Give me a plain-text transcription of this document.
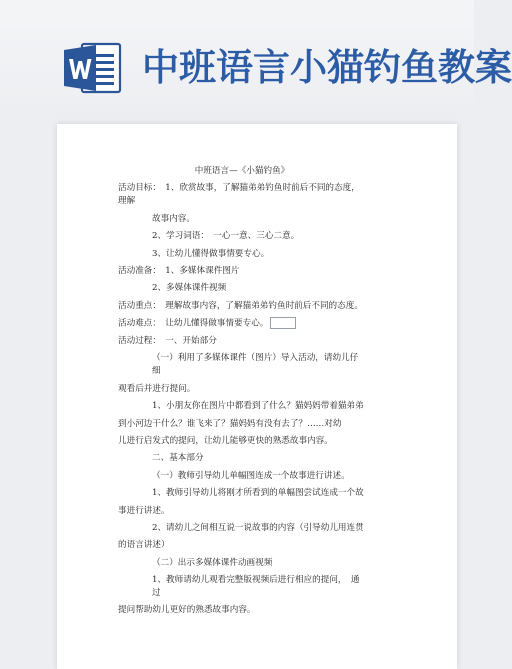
中班语言小猫钓鱼教案

中班语言—《小猫钓鱼》

活动目标：　1、欣赏故事，了解猫弟弟钓鱼时前后不同的态度，理解

故事内容。

2、学习词语：　一心一意、三心二意。

3、让幼儿懂得做事情要专心。

活动准备：　1、多媒体课件图片

2、多媒体课件视频

活动重点：　理解故事内容，了解猫弟弟钓鱼时前后不同的态度。

活动难点：　让幼儿懂得做事情要专心。

活动过程：　一、开始部分

（一）利用了多媒体课件（图片）导入活动，请幼儿仔细

观看后并进行提问。

1、小朋友你在图片中都看到了什么？猫妈妈带着猫弟弟

到小河边干什么？谁飞来了？猫妈妈有没有去了？……对幼

儿进行启发式的提问，让幼儿能够更快的熟悉故事内容。

二、基本部分

（一）教师引导幼儿单幅图连成一个故事进行讲述。

1、教师引导幼儿将刚才所看到的单幅图尝试连成一个故

事进行讲述。

2、请幼儿之间相互说一说故事的内容（引导幼儿用连贯

的语言讲述）

（二）出示多媒体课件动画视频

1、教师请幼儿观看完整版视频后进行相应的提问，　通过

提问帮助幼儿更好的熟悉故事内容。
